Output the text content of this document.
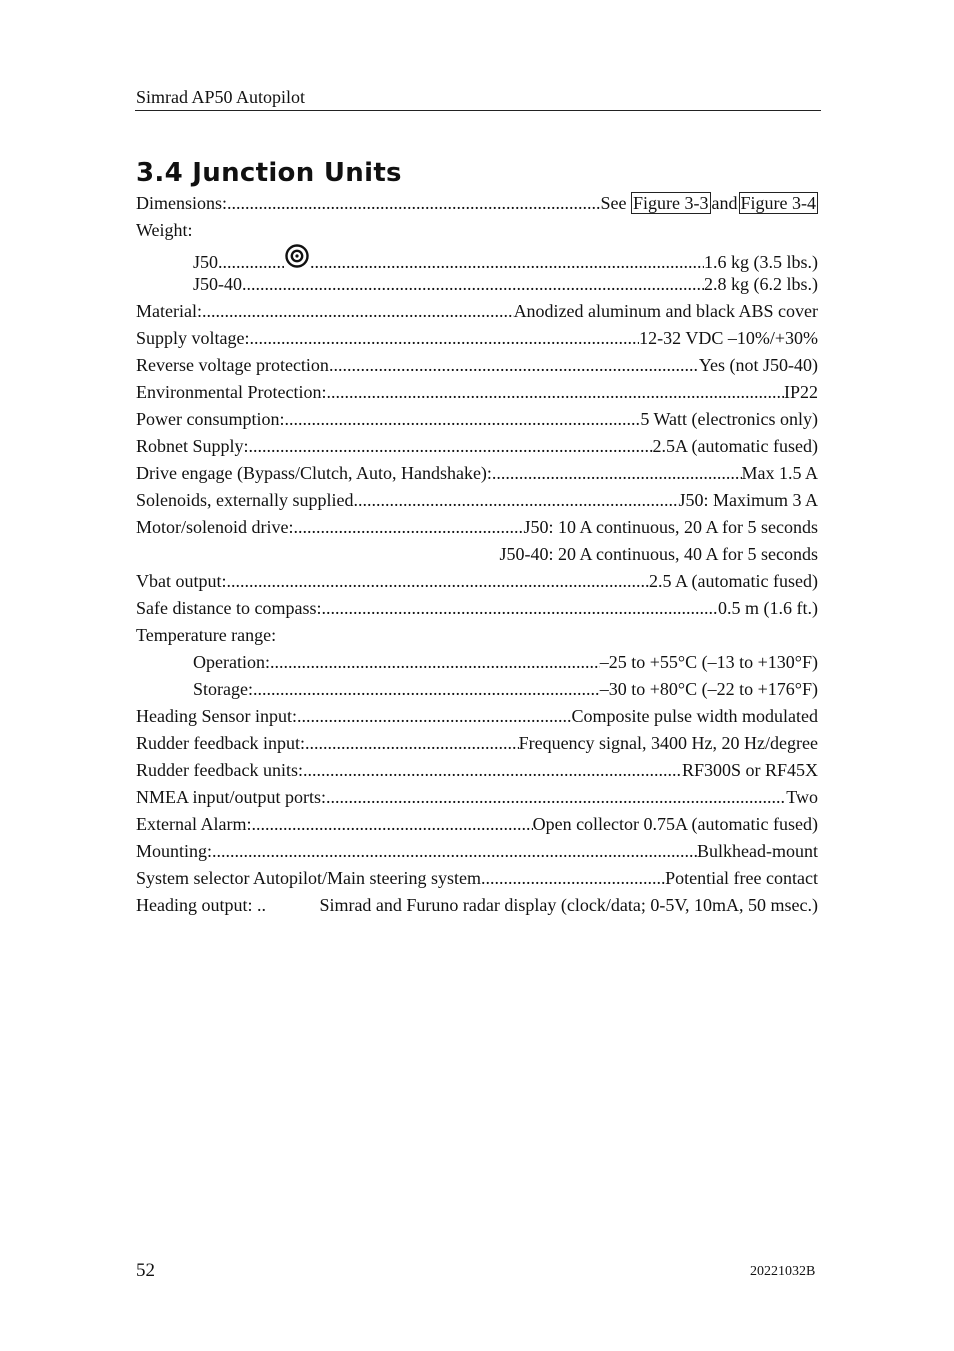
Simrad AP50 Autopilot
3.4 Junction Units
Dimensions: .....	See Figure 3-3 and Figure 3-4
Weight:
J50 ..... .....	1.6 kg (3.5 lbs.)
J50-40 .....	2.8 kg (6.2 lbs.)
Material: .....	Anodized aluminum and black ABS cover
Supply voltage: .....	12-32 VDC –10%/+30%
Reverse voltage protection .....	Yes (not J50-40)
Environmental Protection: .....	IP22
Power consumption: .....	5 Watt (electronics only)
Robnet Supply: .....	2.5A (automatic fused)
Drive engage (Bypass/Clutch, Auto, Handshake): .....	Max 1.5 A
Solenoids, externally supplied .....	J50: Maximum 3 A
Motor/solenoid drive: .....	J50: 10 A continuous, 20 A for 5 seconds
J50-40: 20 A continuous, 40 A for 5 seconds
Vbat output: .....	2.5 A (automatic fused)
Safe distance to compass: .....	0.5 m (1.6 ft.)
Temperature range:
Operation: .....	–25 to +55°C (–13 to +130°F)
Storage: .....	–30 to +80°C (–22 to +176°F)
Heading Sensor input: .....	Composite pulse width modulated
Rudder feedback input: .....	Frequency signal, 3400 Hz, 20 Hz/degree
Rudder feedback units: .....	RF300S or RF45X
NMEA input/output ports: .....	Two
External Alarm: .....	Open collector 0.75A (automatic fused)
Mounting: .....	Bulkhead-mount
System selector Autopilot/Main steering system .....	Potential free contact
Heading output: ..	Simrad and Furuno radar display (clock/data; 0-5V, 10mA, 50 msec.)
52	20221032B
